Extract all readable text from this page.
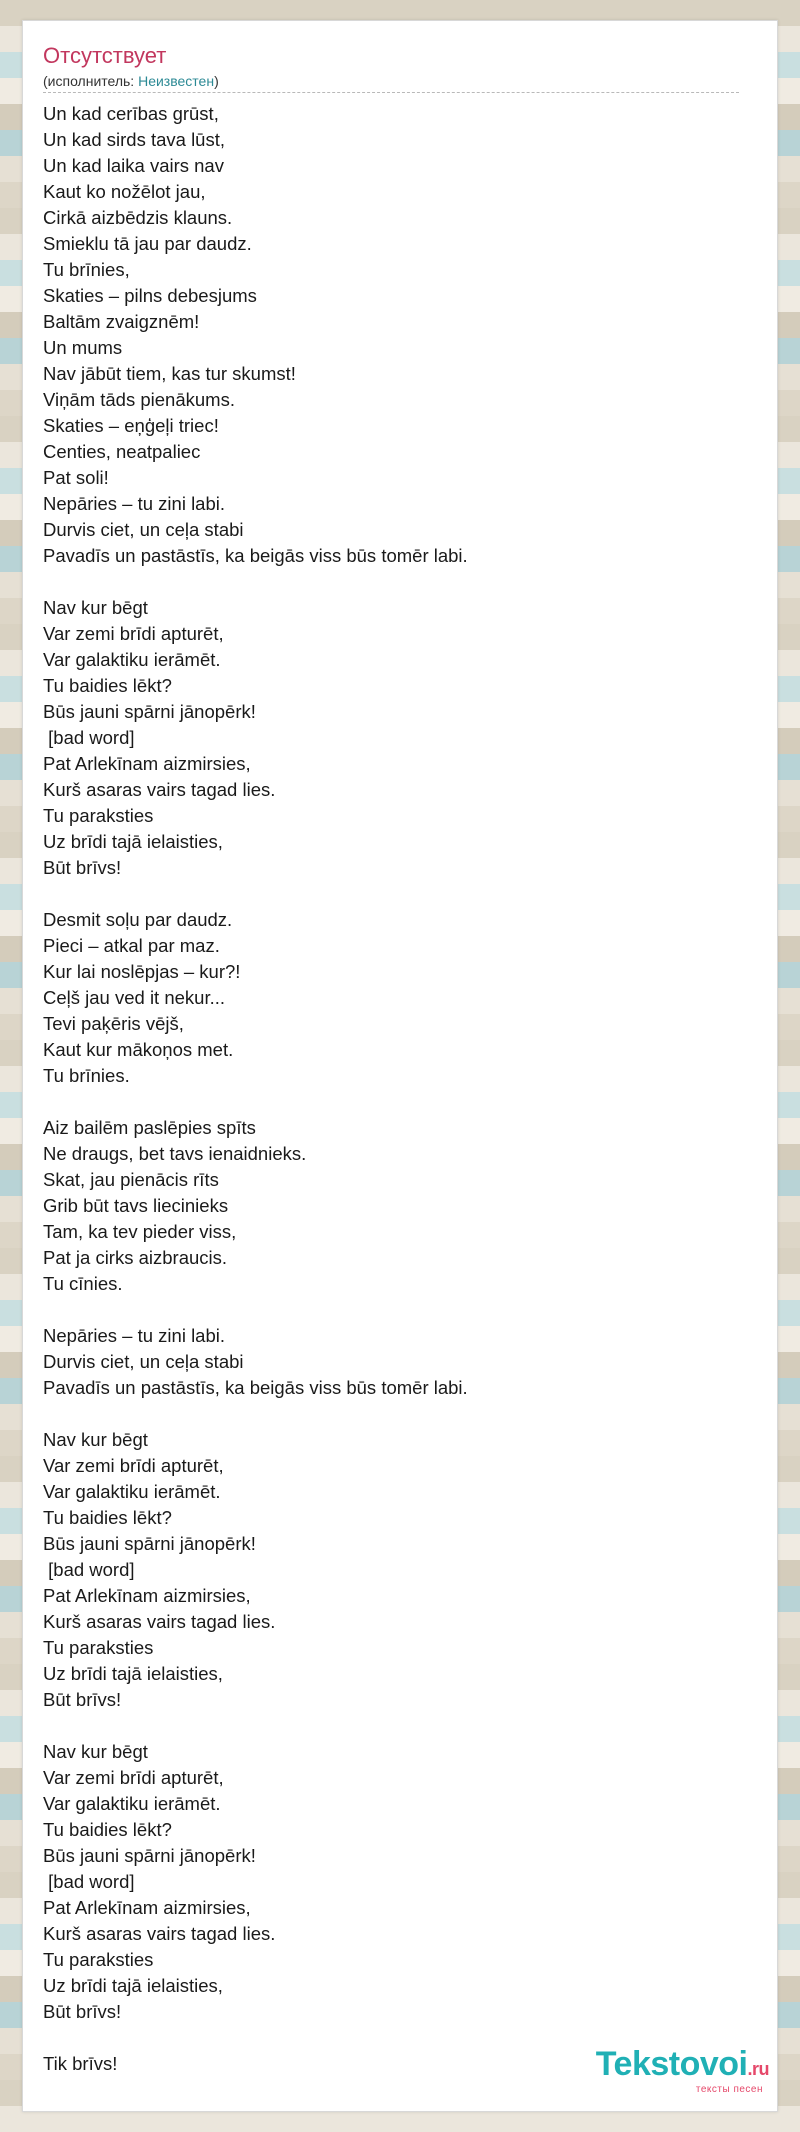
Отсутствует
(исполнитель: Неизвестен)
Un kad cerības grūst,
Un kad sirds tava lūst,
Un kad laika vairs nav
Kaut ko nožēlot jau,
Cirkā aizbēdzis klauns.
Smieklu tā jau par daudz.
Tu brīnies,
Skaties – pilns debesjums
Baltām zvaigznēm!
Un mums
Nav jābūt tiem, kas tur skumst!
Viņām tāds pienākums.
Skaties – eņģeļi triec!
Centies, neatpaliec
Pat soli!
Nepāries – tu zini labi.
Durvis ciet, un ceļa stabi
Pavadīs un pastāstīs, ka beigās viss būs tomēr labi.
Nav kur bēgt
Var zemi brīdi apturēt,
Var galaktiku ierāmēt.
Tu baidies lēkt?
Būs jauni spārni jānopērk!
[bad word]
Pat Arlekīnam aizmirsies,
Kurš asaras vairs tagad lies.
Tu paraksties
Uz brīdi tajā ielaisties,
Būt brīvs!
Desmit soļu par daudz.
Pieci – atkal par maz.
Kur lai noslēpjas – kur?!
Ceļš jau ved it nekur...
Tevi paķēris vējš,
Kaut kur mākoņos met.
Tu brīnies.
Aiz bailēm paslēpies spīts
Ne draugs, bet tavs ienaidnieks.
Skat, jau pienācis rīts
Grib būt tavs liecinieks
Tam, ka tev pieder viss,
Pat ja cirks aizbraucis.
Tu cīnies.
Nepāries – tu zini labi.
Durvis ciet, un ceļa stabi
Pavadīs un pastāstīs, ka beigās viss būs tomēr labi.
Nav kur bēgt
Var zemi brīdi apturēt,
Var galaktiku ierāmēt.
Tu baidies lēkt?
Būs jauni spārni jānopērk!
[bad word]
Pat Arlekīnam aizmirsies,
Kurš asaras vairs tagad lies.
Tu paraksties
Uz brīdi tajā ielaisties,
Būt brīvs!
Nav kur bēgt
Var zemi brīdi apturēt,
Var galaktiku ierāmēt.
Tu baidies lēkt?
Būs jauni spārni jānopērk!
[bad word]
Pat Arlekīnam aizmirsies,
Kurš asaras vairs tagad lies.
Tu paraksties
Uz brīdi tajā ielaisties,
Būt brīvs!
Tik brīvs!	Tekstovoi.ru
тексты песен
